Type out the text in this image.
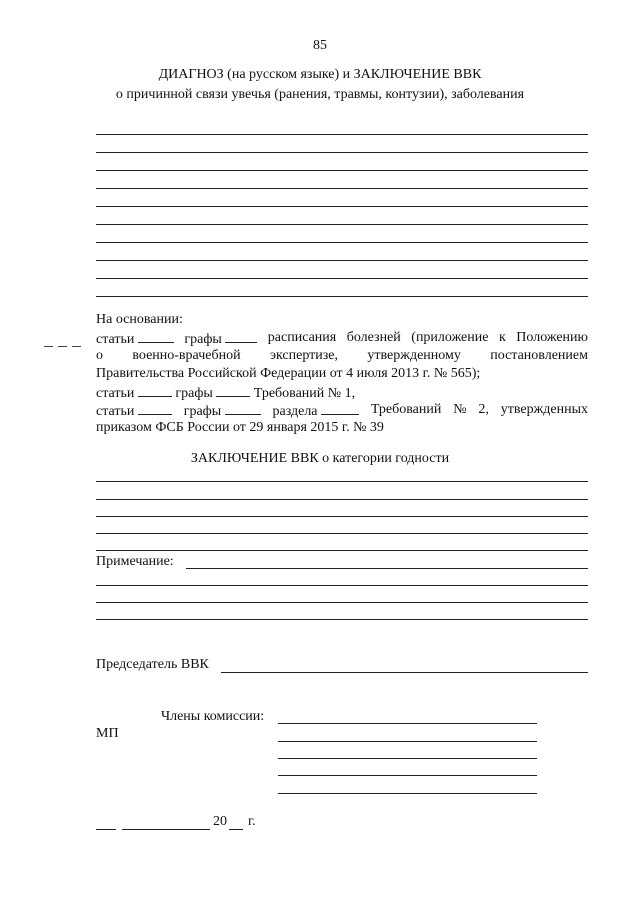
85
ДИАГНОЗ (на русском языке) и ЗАКЛЮЧЕНИЕ ВВК
о причинной связи увечья (ранения, травмы, контузии), заболевания
На основании:
статьи	графы	расписания болезней (приложение к Положению
о военно-врачебной экспертизе, утвержденному постановлением
Правительства Российской Федерации от 4 июля 2013 г. № 565);
статьи	графы	Требований № 1,
статьи	графы	раздела	Требований № 2, утвержденных
приказом ФСБ России от 29 января 2015 г. № 39
ЗАКЛЮЧЕНИЕ ВВК о категории годности
Примечание:
Председатель ВВК
Члены комиссии:
МП
20 г.
